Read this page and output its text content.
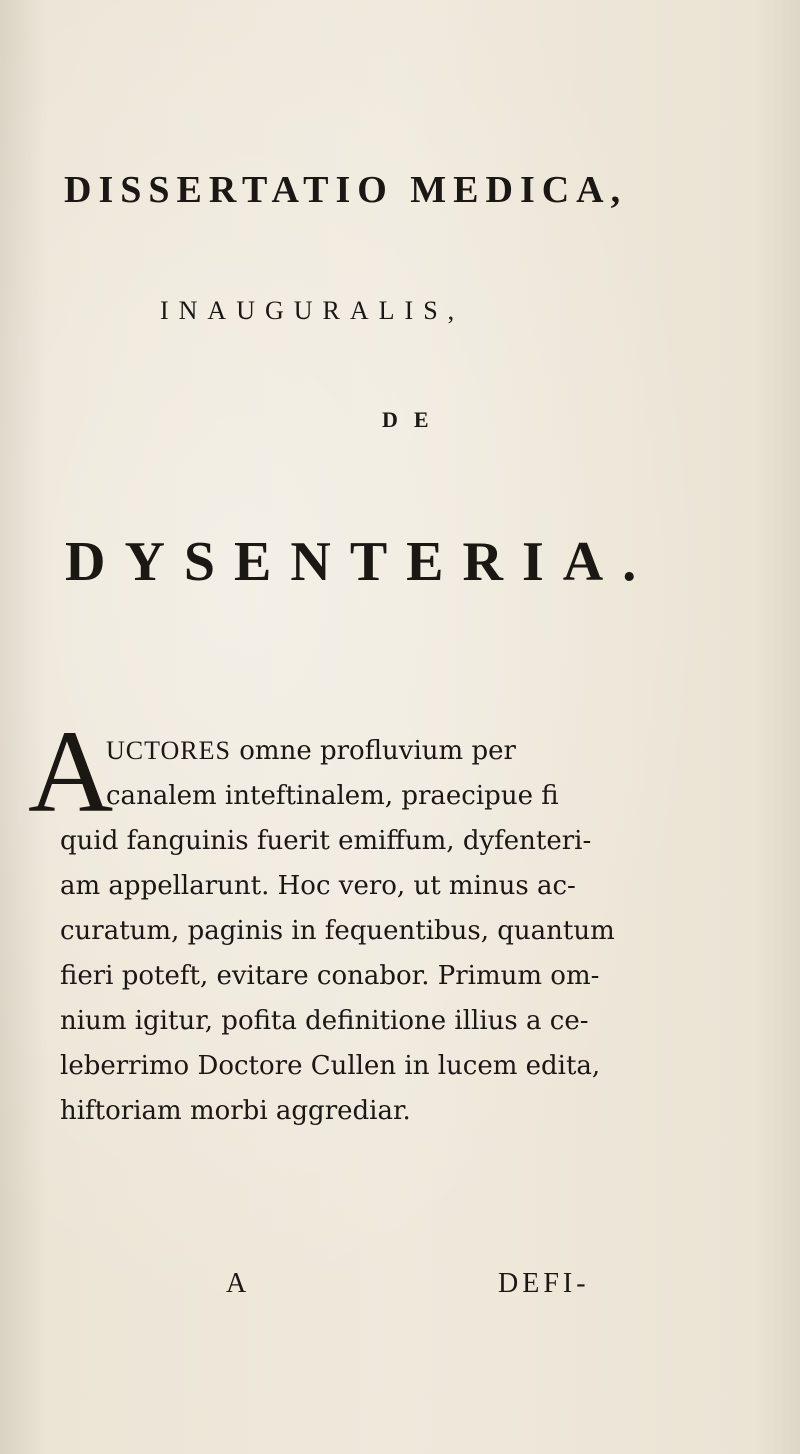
DISSERTATIO MEDICA,
INAUGURALIS,
DE
DYSENTERIA.
A
UCTORES omne profluvium per
canalem inteftinalem, praecipue fi
quid fanguinis fuerit emiffum, dyfenteri-
am appellarunt. Hoc vero, ut minus ac-
curatum, paginis in fequentibus, quantum
fieri poteft, evitare conabor. Primum om-
nium igitur, pofita definitione illius a ce-
leberrimo Doctore Cullen in lucem edita,
hiftoriam morbi aggrediar.
A	DEFI-
